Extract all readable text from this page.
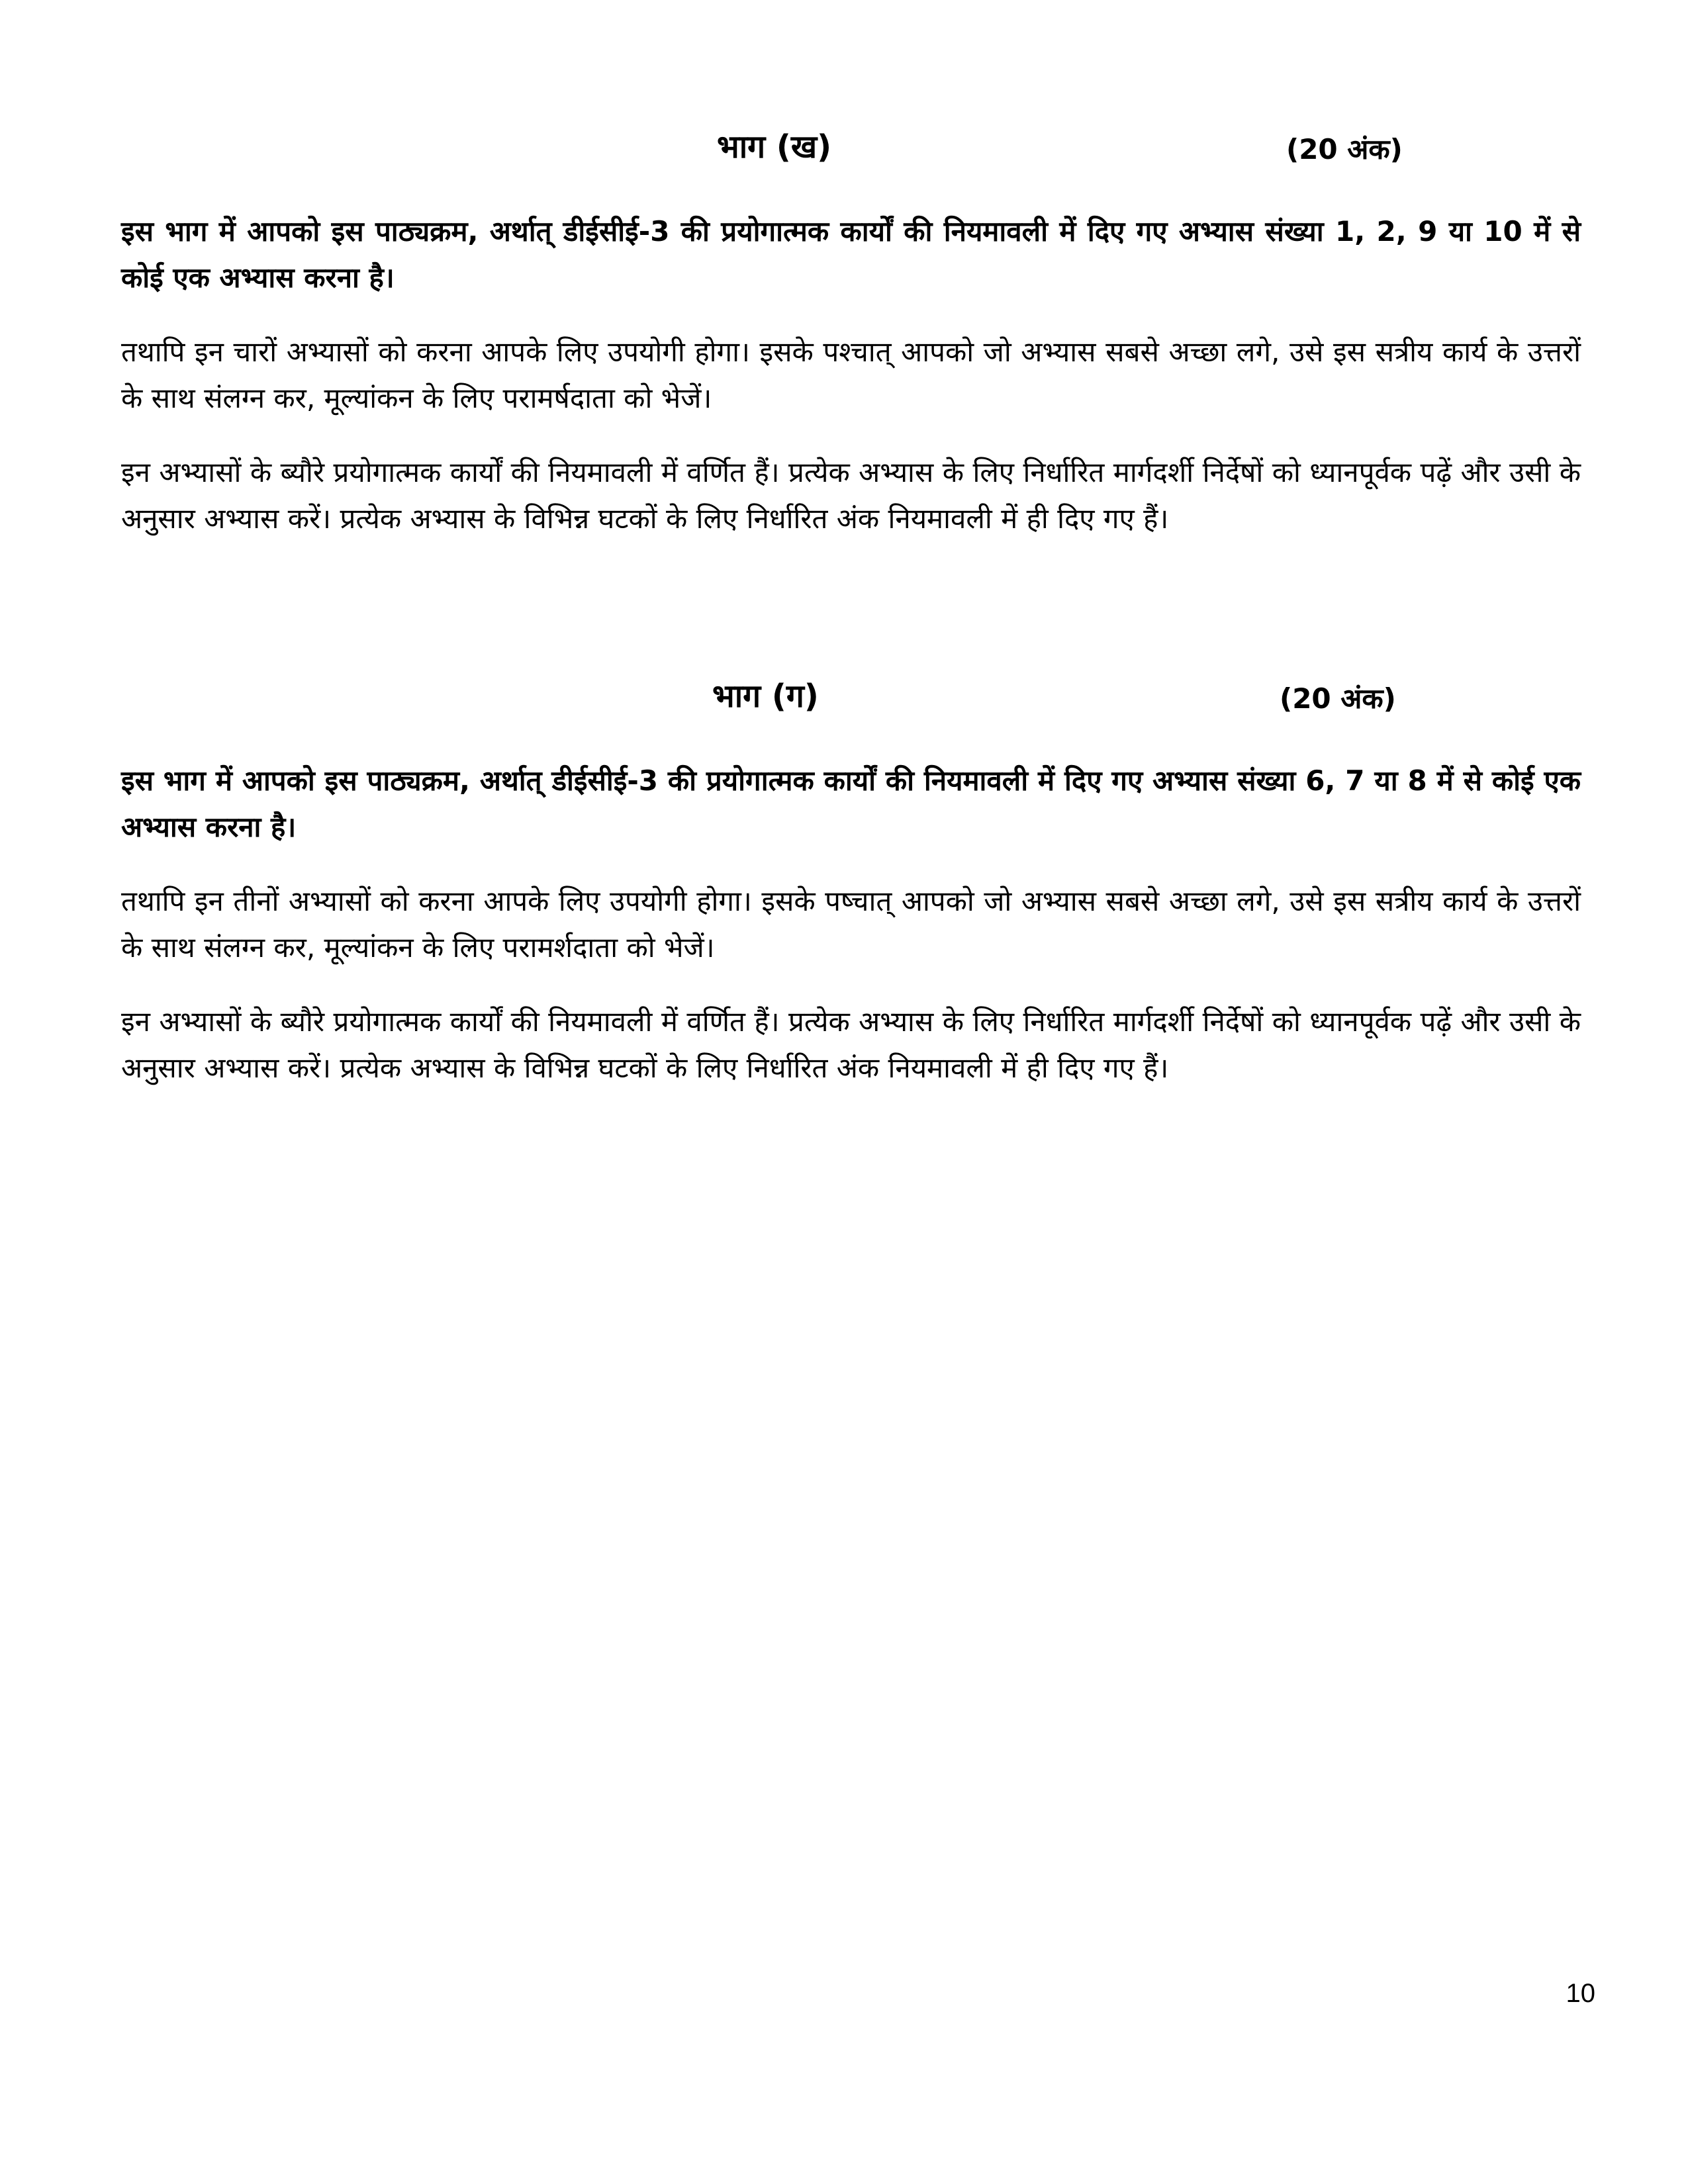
भाग (ख)	(20 अंक)

इस भाग में आपको इस पाठ्यक्रम, अर्थात् डीईसीई-3 की प्रयोगात्मक कार्यों की नियमावली में दिए गए अभ्यास संख्या 1, 2, 9 या 10 में से कोई एक अभ्यास करना है।

तथापि इन चारों अभ्यासों को करना आपके लिए उपयोगी होगा। इसके पश्चात् आपको जो अभ्यास सबसे अच्छा लगे, उसे इस सत्रीय कार्य के उत्तरों के साथ संलग्न कर, मूल्यांकन के लिए परामर्षदाता को भेजें।

इन अभ्यासों के ब्यौरे प्रयोगात्मक कार्यों की नियमावली में वर्णित हैं। प्रत्येक अभ्यास के लिए निर्धारित मार्गदर्शी निर्देषों को ध्यानपूर्वक पढ़ें और उसी के अनुसार अभ्यास करें। प्रत्येक अभ्यास के विभिन्न घटकों के लिए निर्धारित अंक नियमावली में ही दिए गए हैं।

भाग (ग)	(20 अंक)

इस भाग में आपको इस पाठ्यक्रम, अर्थात् डीईसीई-3 की प्रयोगात्मक कार्यों की नियमावली में दिए गए अभ्यास संख्या 6, 7 या 8 में से कोई एक अभ्यास करना है।

तथापि इन तीनों अभ्यासों को करना आपके लिए उपयोगी होगा। इसके पष्चात् आपको जो अभ्यास सबसे अच्छा लगे, उसे इस सत्रीय कार्य के उत्तरों के साथ संलग्न कर, मूल्यांकन के लिए परामर्शदाता को भेजें।

इन अभ्यासों के ब्यौरे प्रयोगात्मक कार्यों की नियमावली में वर्णित हैं। प्रत्येक अभ्यास के लिए निर्धारित मार्गदर्शी निर्देषों को ध्यानपूर्वक पढ़ें और उसी के अनुसार अभ्यास करें। प्रत्येक अभ्यास के विभिन्न घटकों के लिए निर्धारित अंक नियमावली में ही दिए गए हैं।

10
